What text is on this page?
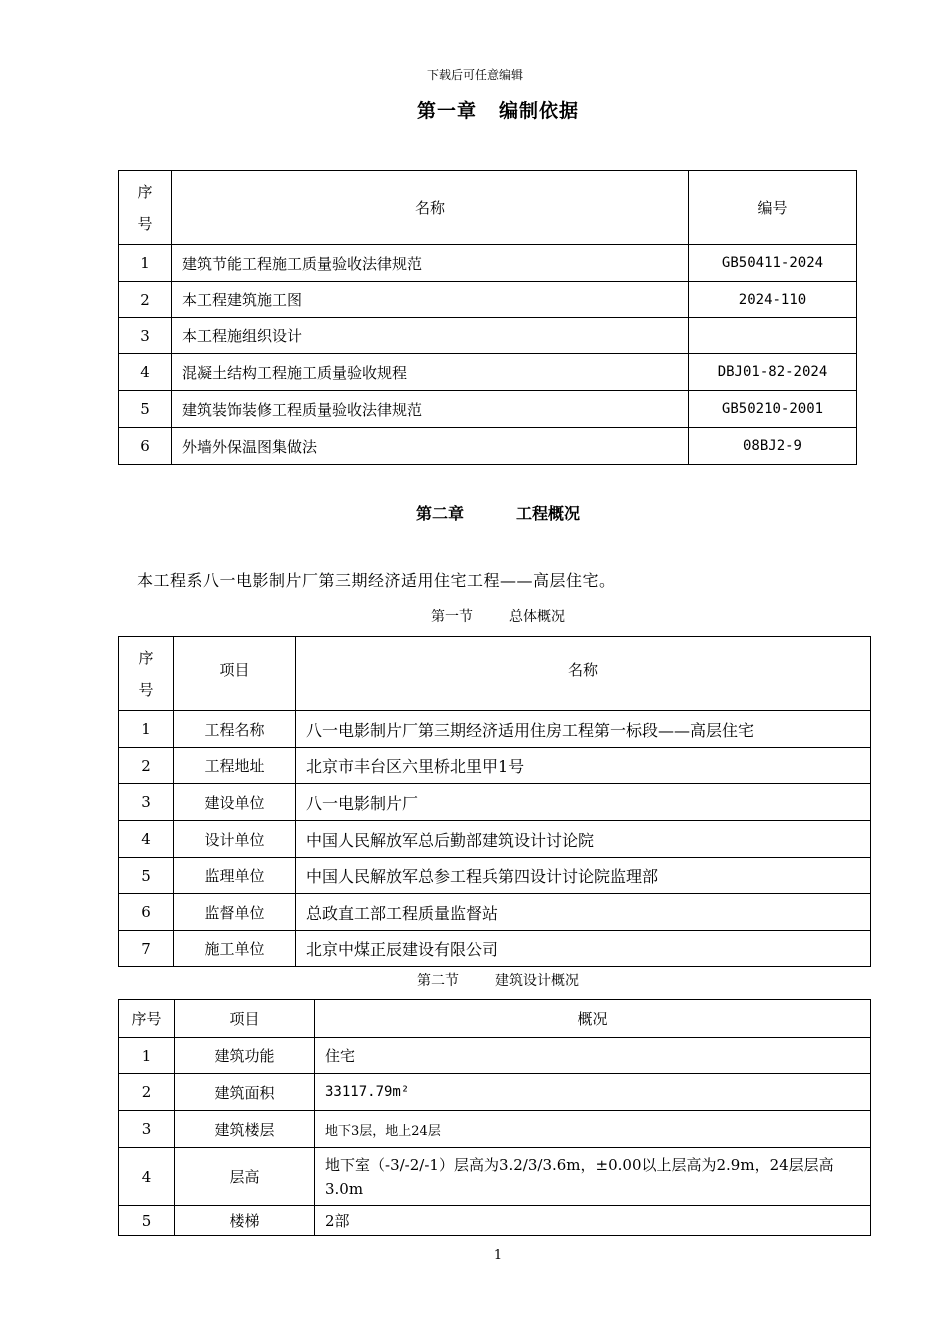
下载后可任意编辑
第一章 编制依据
序
号	名称	编号
1	建筑节能工程施工质量验收法律规范	GB50411-2024
2	本工程建筑施工图	2024-110
3	本工程施组织设计	
4	混凝土结构工程施工质量验收规程	DBJ01-82-2024
5	建筑装饰装修工程质量验收法律规范	GB50210-2001
6	外墙外保温图集做法	08BJ2-9
第二章	工程概况
本工程系八一电影制片厂第三期经济适用住宅工程——高层住宅。
第一节	总体概况
序
号	项目	名称
1	工程名称	八一电影制片厂第三期经济适用住房工程第一标段——高层住宅
2	工程地址	北京市丰台区六里桥北里甲1号
3	建设单位	八一电影制片厂
4	设计单位	中国人民解放军总后勤部建筑设计讨论院
5	监理单位	中国人民解放军总参工程兵第四设计讨论院监理部
6	监督单位	总政直工部工程质量监督站
7	施工单位	北京中煤正辰建设有限公司
第二节	建筑设计概况
序号	项目	概况
1	建筑功能	住宅
2	建筑面积	33117.79m²
3	建筑楼层	地下3层，地上24层
4	层高	地下室（-3/-2/-1）层高为3.2/3/3.6m，±0.00以上层高为2.9m，24层层高3.0m
5	楼梯	2部
1
